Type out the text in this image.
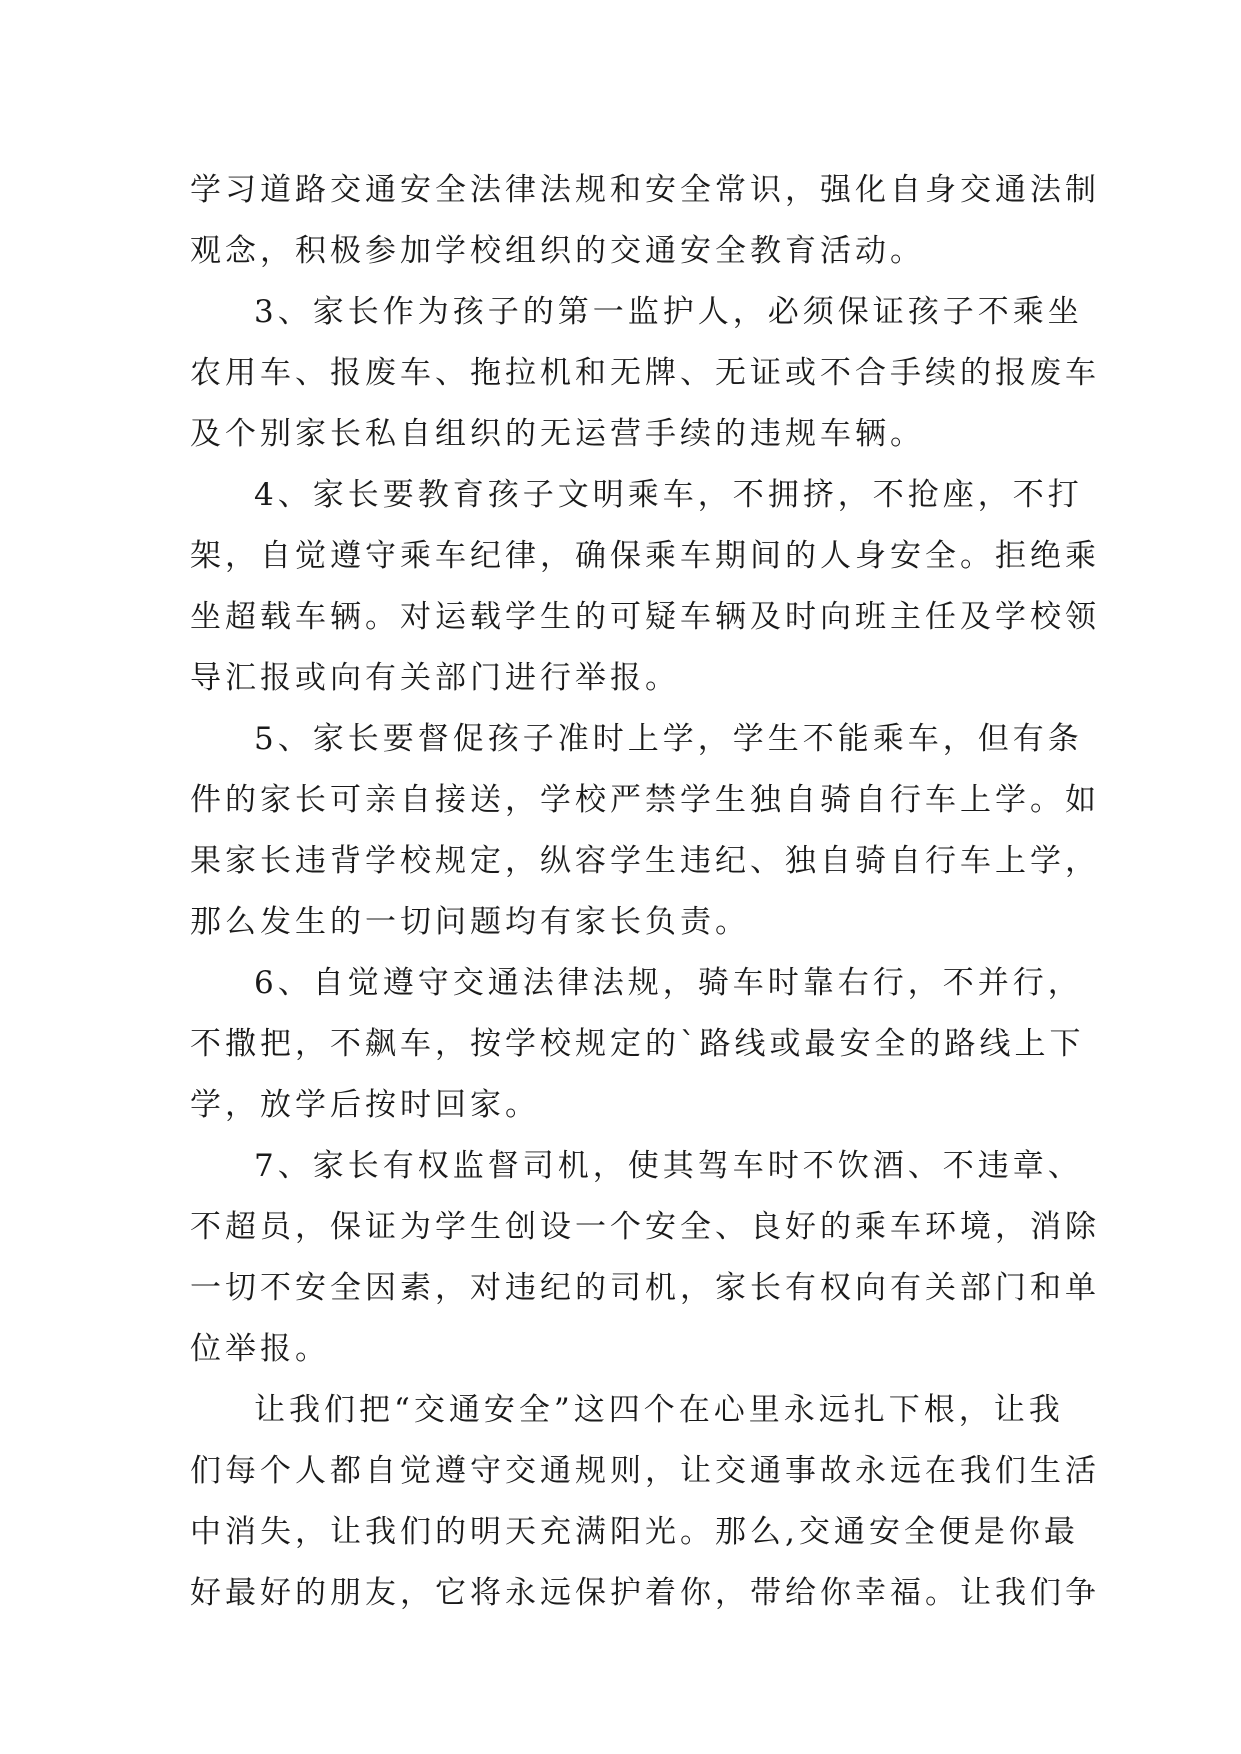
学习道路交通安全法律法规和安全常识，强化自身交通法制
观念，积极参加学校组织的交通安全教育活动。
3、家长作为孩子的第一监护人，必须保证孩子不乘坐
农用车、报废车、拖拉机和无牌、无证或不合手续的报废车
及个别家长私自组织的无运营手续的违规车辆。
4、家长要教育孩子文明乘车，不拥挤，不抢座，不打
架，自觉遵守乘车纪律，确保乘车期间的人身安全。拒绝乘
坐超载车辆。对运载学生的可疑车辆及时向班主任及学校领
导汇报或向有关部门进行举报。
5、家长要督促孩子准时上学，学生不能乘车，但有条
件的家长可亲自接送，学校严禁学生独自骑自行车上学。如
果家长违背学校规定，纵容学生违纪、独自骑自行车上学，
那么发生的一切问题均有家长负责。
6、自觉遵守交通法律法规，骑车时靠右行，不并行，
不撒把，不飙车，按学校规定的`路线或最安全的路线上下
学，放学后按时回家。
7、家长有权监督司机，使其驾车时不饮酒、不违章、
不超员，保证为学生创设一个安全、良好的乘车环境，消除
一切不安全因素，对违纪的司机，家长有权向有关部门和单
位举报。
让我们把“交通安全”这四个在心里永远扎下根，让我
们每个人都自觉遵守交通规则，让交通事故永远在我们生活
中消失，让我们的明天充满阳光。那么,交通安全便是你最
好最好的朋友，它将永远保护着你，带给你幸福。让我们争
